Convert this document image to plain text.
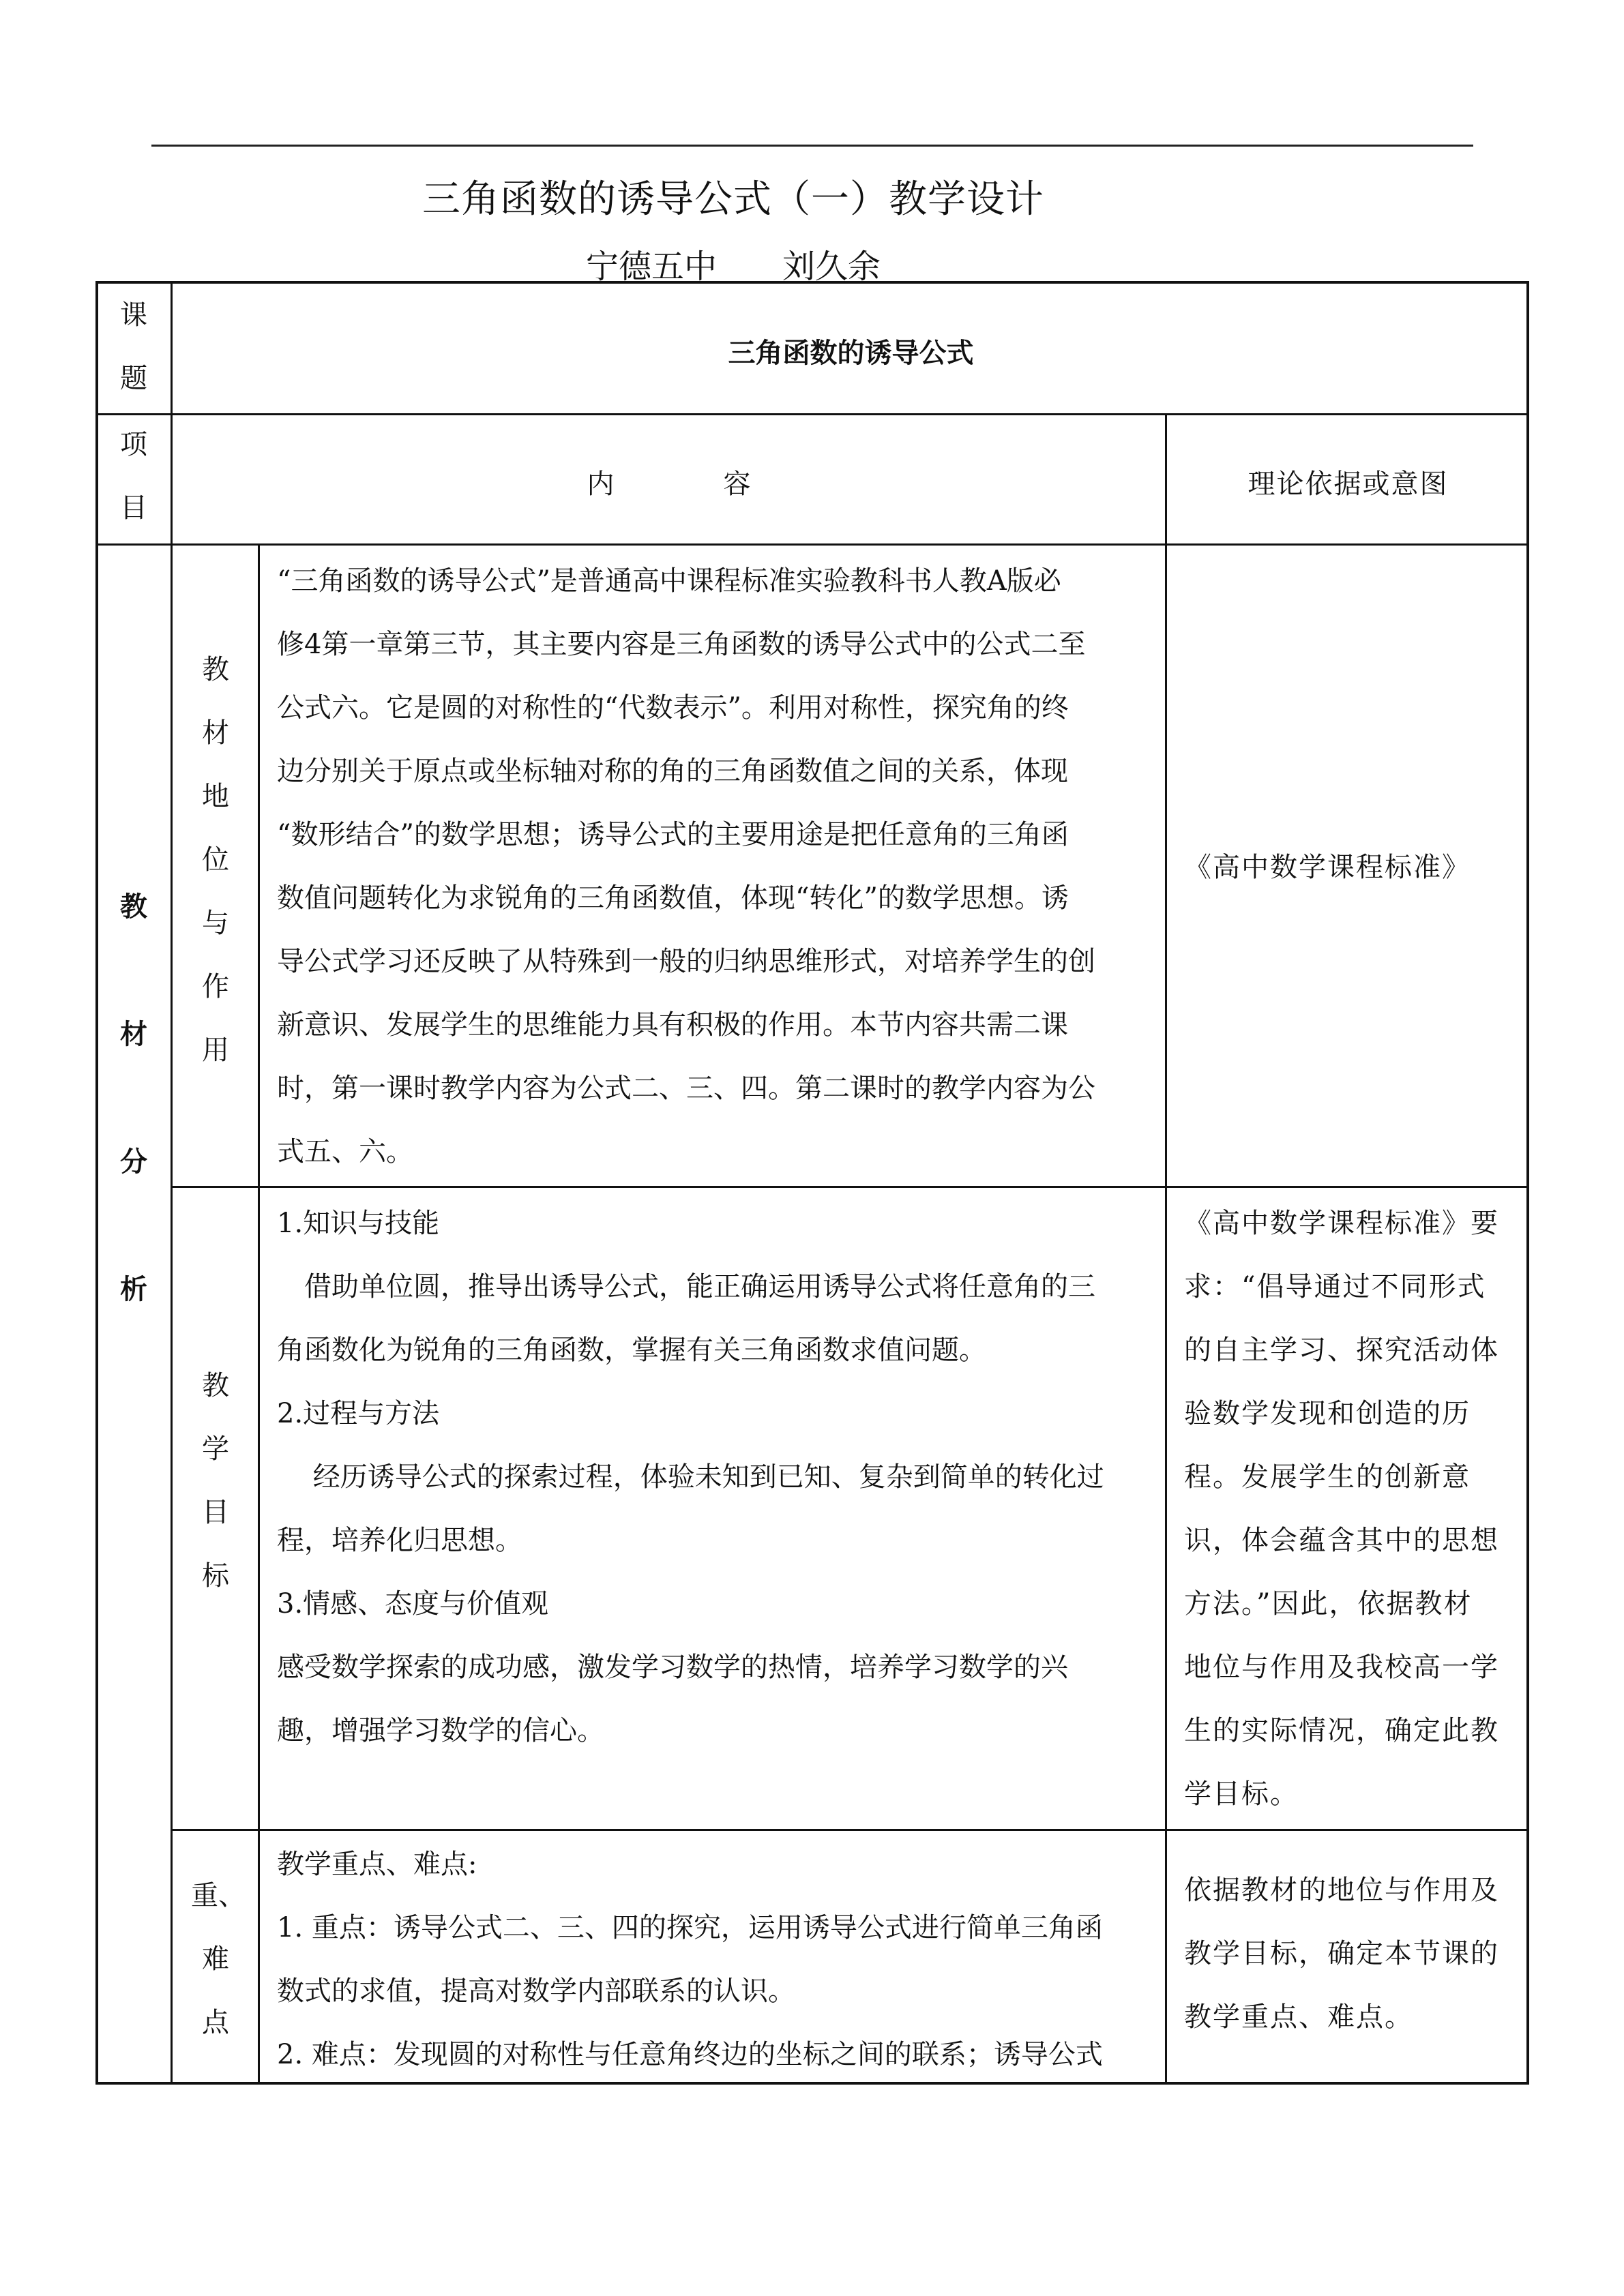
三角函数的诱导公式（一）教学设计
宁德五中　　刘久余
课
题
三角函数的诱导公式
项
目
内　　　　容	理论依据或意图
教
材
分
析
教
材
地
位
与
作
用

“三角函数的诱导公式”是普通高中课程标准实验教科书人教A版必

修4第一章第三节，其主要内容是三角函数的诱导公式中的公式二至

公式六。它是圆的对称性的“代数表示”。利用对称性，探究角的终

边分别关于原点或坐标轴对称的角的三角函数值之间的关系，体现

“数形结合”的数学思想；诱导公式的主要用途是把任意角的三角函

数值问题转化为求锐角的三角函数值，体现“转化”的数学思想。诱

导公式学习还反映了从特殊到一般的归纳思维形式，对培养学生的创

新意识、发展学生的思维能力具有积极的作用。本节内容共需二课

时，第一课时教学内容为公式二、三、四。第二课时的教学内容为公

式五、六。

《高中数学课程标准》

教
学
目
标

1.知识与技能

　借助单位圆，推导出诱导公式，能正确运用诱导公式将任意角的三

角函数化为锐角的三角函数，掌握有关三角函数求值问题。

2.过程与方法

　 经历诱导公式的探索过程，体验未知到已知、复杂到简单的转化过

程，培养化归思想。

3.情感、态度与价值观

感受数学探索的成功感，激发学习数学的热情，培养学习数学的兴

趣，增强学习数学的信心。

《高中数学课程标准》要

求：“倡导通过不同形式

的自主学习、探究活动体

验数学发现和创造的历

程。发展学生的创新意

识，体会蕴含其中的思想

方法。”因此，依据教材

地位与作用及我校高一学

生的实际情况，确定此教

学目标。

重、
难
点

教学重点、难点:

1. 重点：诱导公式二、三、四的探究，运用诱导公式进行简单三角函

数式的求值，提高对数学内部联系的认识。

2. 难点：发现圆的对称性与任意角终边的坐标之间的联系；诱导公式

依据教材的地位与作用及

教学目标，确定本节课的

教学重点、难点。
